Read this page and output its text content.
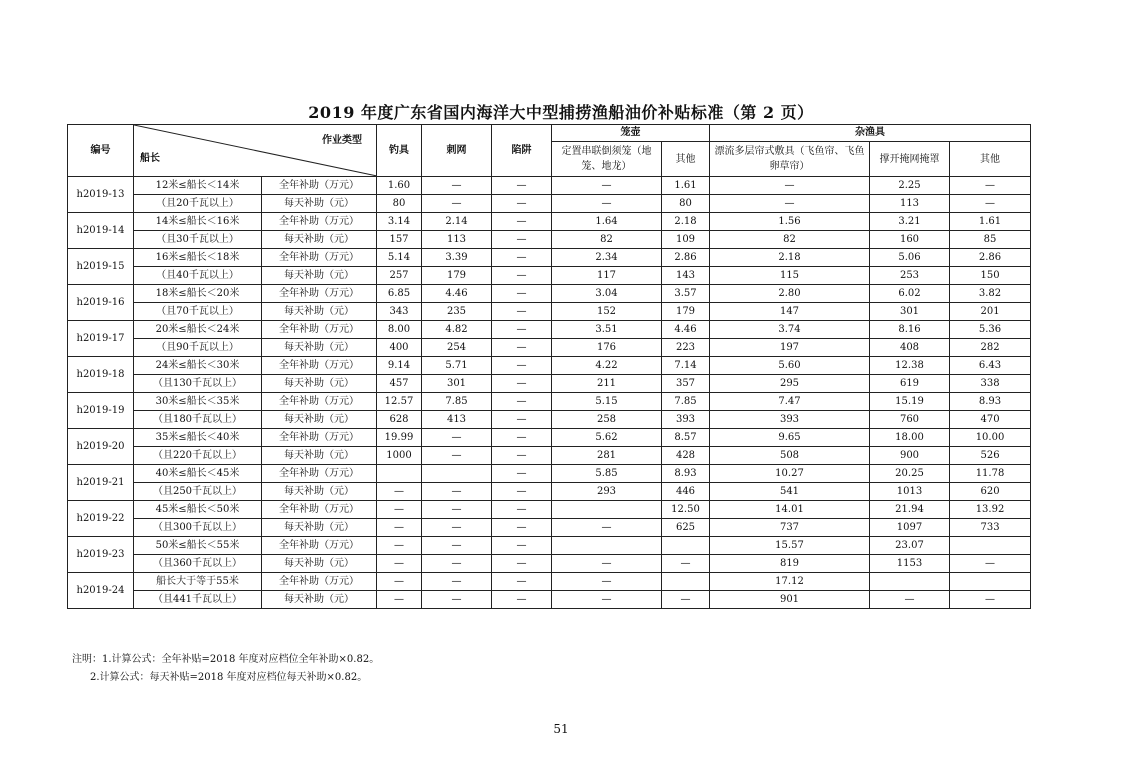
2019 年度广东省国内海洋大中型捕捞渔船油价补贴标准（第 2 页）
编号	作业类型
船长		钓具	刺网	陷阱	笼壶		杂渔具		
						定置串联倒须笼（地笼、地龙）	其他	漂流多层帘式敷具（飞鱼帘、飞鱼卵草帘）	撑开掩网掩罩	其他
h2019-13	12米≤船长＜14米	全年补助（万元）	1.60	—	—	—	1.61	—	2.25	—
	（且20千瓦以上）	每天补助（元）	80	—	—	—	80	—	113	—
h2019-14	14米≤船长＜16米	全年补助（万元）	3.14	2.14	—	1.64	2.18	1.56	3.21	1.61
	（且30千瓦以上）	每天补助（元）	157	113	—	82	109	82	160	85
h2019-15	16米≤船长＜18米	全年补助（万元）	5.14	3.39	—	2.34	2.86	2.18	5.06	2.86
	（且40千瓦以上）	每天补助（元）	257	179	—	117	143	115	253	150
h2019-16	18米≤船长＜20米	全年补助（万元）	6.85	4.46	—	3.04	3.57	2.80	6.02	3.82
	（且70千瓦以上）	每天补助（元）	343	235	—	152	179	147	301	201
h2019-17	20米≤船长＜24米	全年补助（万元）	8.00	4.82	—	3.51	4.46	3.74	8.16	5.36
	（且90千瓦以上）	每天补助（元）	400	254	—	176	223	197	408	282
h2019-18	24米≤船长＜30米	全年补助（万元）	9.14	5.71	—	4.22	7.14	5.60	12.38	6.43
	（且130千瓦以上）	每天补助（元）	457	301	—	211	357	295	619	338
h2019-19	30米≤船长＜35米	全年补助（万元）	12.57	7.85	—	5.15	7.85	7.47	15.19	8.93
	（且180千瓦以上）	每天补助（元）	628	413	—	258	393	393	760	470
h2019-20	35米≤船长＜40米	全年补助（万元）	19.99	—	—	5.62	8.57	9.65	18.00	10.00
	（且220千瓦以上）	每天补助（元）	1000	—	—	281	428	508	900	526
h2019-21	40米≤船长＜45米	全年补助（万元）			—	5.85	8.93	10.27	20.25	11.78
	（且250千瓦以上）	每天补助（元）	—	—	—	293	446	541	1013	620
h2019-22	45米≤船长＜50米	全年补助（万元）	—	—	—		12.50	14.01	21.94	13.92
	（且300千瓦以上）	每天补助（元）	—	—	—	—	625	737	1097	733
h2019-23	50米≤船长＜55米	全年补助（万元）	—	—	—			15.57	23.07	
	（且360千瓦以上）	每天补助（元）	—	—	—	—	—	819	1153	—
h2019-24	船长大于等于55米	全年补助（万元）	—	—	—	—		17.12		
	（且441千瓦以上）	每天补助（元）	—	—	—	—	—	901	—	—
注明：1.计算公式：全年补贴=2018 年度对应档位全年补助×0.82。
2.计算公式：每天补贴=2018 年度对应档位每天补助×0.82。
51
